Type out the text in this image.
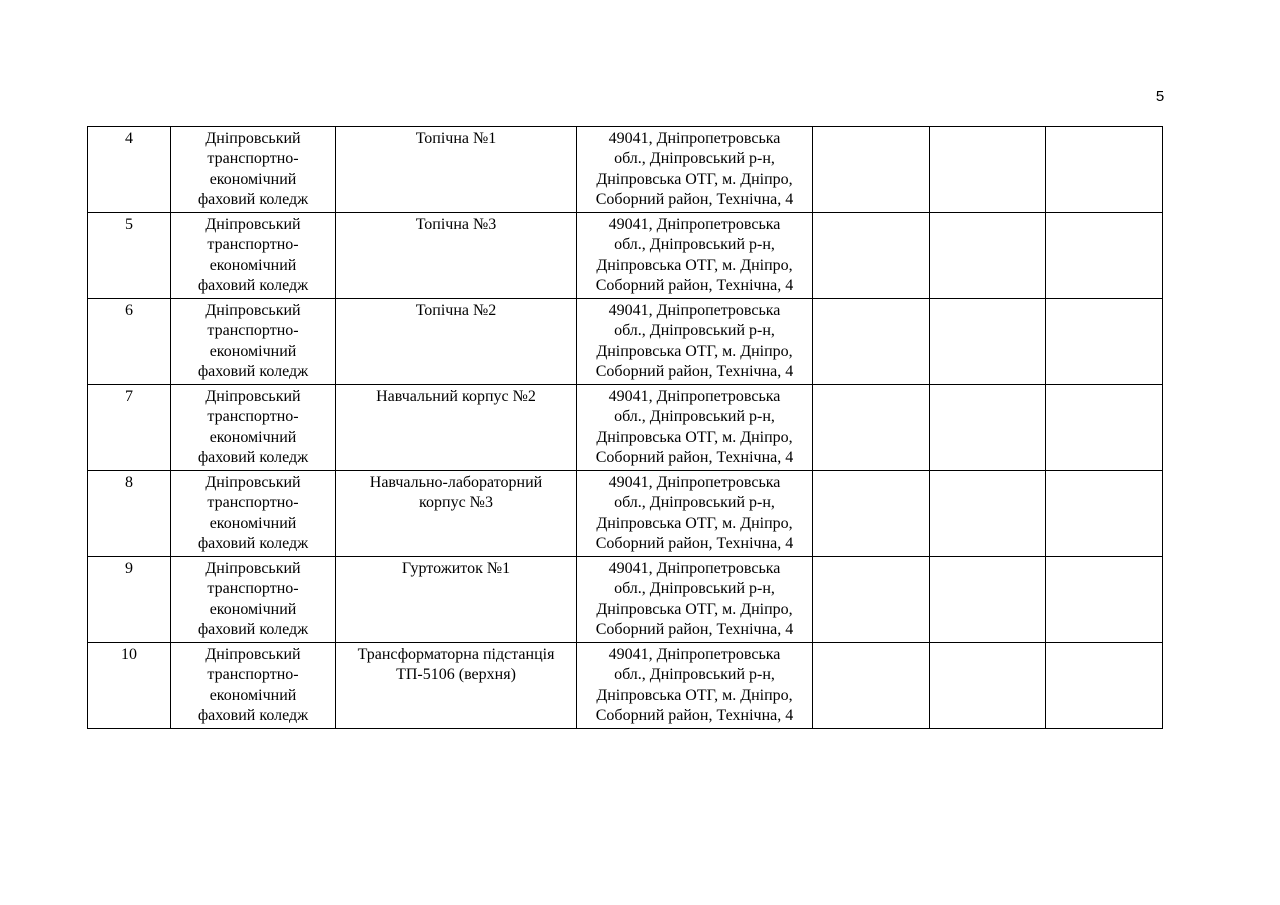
5
4	Дніпровський
транспортно-
економічний
фаховий коледж	Топічна №1	49041, Дніпропетровська
обл., Дніпровський р-н,
Дніпровська ОТГ, м. Дніпро,
Соборний район, Технічна, 4			

5	Дніпровський
транспортно-
економічний
фаховий коледж	Топічна №3	49041, Дніпропетровська
обл., Дніпровський р-н,
Дніпровська ОТГ, м. Дніпро,
Соборний район, Технічна, 4			

6	Дніпровський
транспортно-
економічний
фаховий коледж	Топічна №2	49041, Дніпропетровська
обл., Дніпровський р-н,
Дніпровська ОТГ, м. Дніпро,
Соборний район, Технічна, 4			

7	Дніпровський
транспортно-
економічний
фаховий коледж	Навчальний корпус №2	49041, Дніпропетровська
обл., Дніпровський р-н,
Дніпровська ОТГ, м. Дніпро,
Соборний район, Технічна, 4			

8	Дніпровський
транспортно-
економічний
фаховий коледж	Навчально-лабораторний
корпус №3	49041, Дніпропетровська
обл., Дніпровський р-н,
Дніпровська ОТГ, м. Дніпро,
Соборний район, Технічна, 4			

9	Дніпровський
транспортно-
економічний
фаховий коледж	Гуртожиток №1	49041, Дніпропетровська
обл., Дніпровський р-н,
Дніпровська ОТГ, м. Дніпро,
Соборний район, Технічна, 4			

10	Дніпровський
транспортно-
економічний
фаховий коледж	Трансформаторна підстанція
ТП-5106 (верхня)	49041, Дніпропетровська
обл., Дніпровський р-н,
Дніпровська ОТГ, м. Дніпро,
Соборний район, Технічна, 4			
